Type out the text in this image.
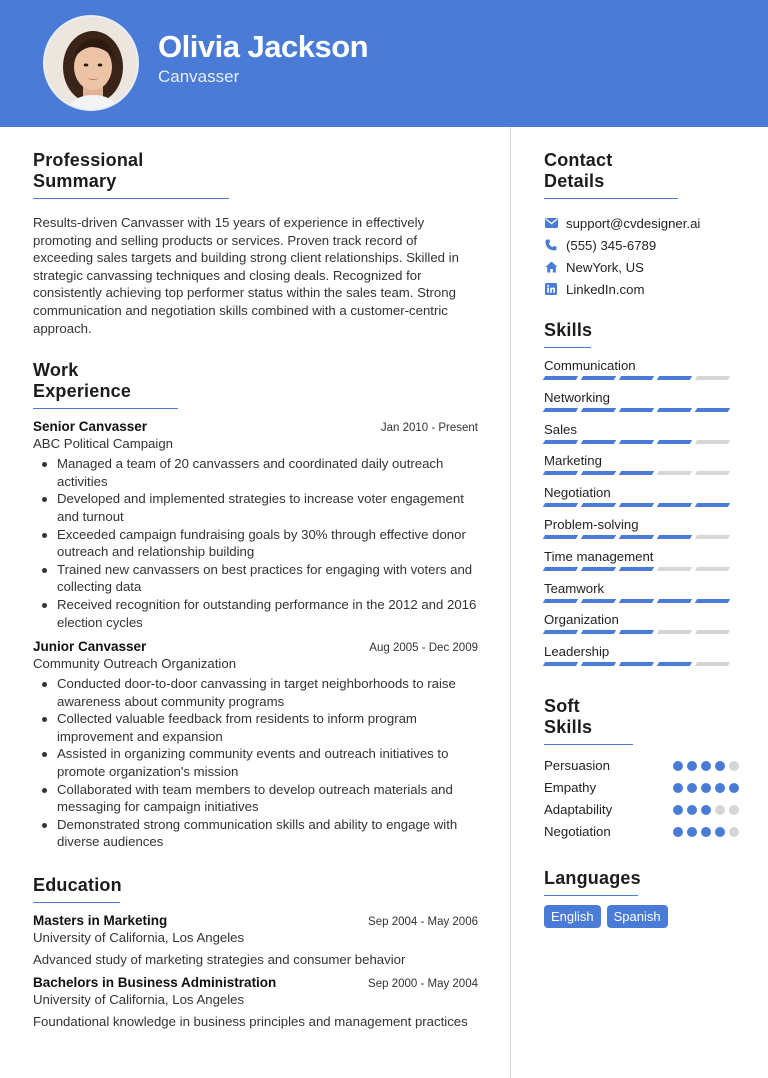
Olivia Jackson
Canvasser
Professional Summary

Results-driven Canvasser with 15 years of experience in effectively promoting and selling products or services. Proven track record of exceeding sales targets and building strong client relationships. Skilled in strategic canvassing techniques and closing deals. Recognized for consistently achieving top performer status within the sales team. Strong communication and negotiation skills combined with a customer-centric approach.

Work Experience
Senior Canvasser	Jan 2010 - Present
ABC Political Campaign
Managed a team of 20 canvassers and coordinated daily outreach activities
Developed and implemented strategies to increase voter engagement and turnout
Exceeded campaign fundraising goals by 30% through effective donor outreach and relationship building
Trained new canvassers on best practices for engaging with voters and collecting data
Received recognition for outstanding performance in the 2012 and 2016 election cycles
Junior Canvasser	Aug 2005 - Dec 2009
Community Outreach Organization
Conducted door-to-door canvassing in target neighborhoods to raise awareness about community programs
Collected valuable feedback from residents to inform program improvement and expansion
Assisted in organizing community events and outreach initiatives to promote organization's mission
Collaborated with team members to develop outreach materials and messaging for campaign initiatives
Demonstrated strong communication skills and ability to engage with diverse audiences
Education
Masters in Marketing	Sep 2004 - May 2006
University of California, Los Angeles
Advanced study of marketing strategies and consumer behavior
Bachelors in Business Administration	Sep 2000 - May 2004
University of California, Los Angeles
Foundational knowledge in business principles and management practices
Contact Details
support@cvdesigner.ai
(555) 345-6789
NewYork, US
LinkedIn.com
Skills
Communication
Networking
Sales
Marketing
Negotiation
Problem-solving
Time management
Teamwork
Organization
Leadership
Soft Skills
Persuasion
Empathy
Adaptability
Negotiation
Languages
English	Spanish
